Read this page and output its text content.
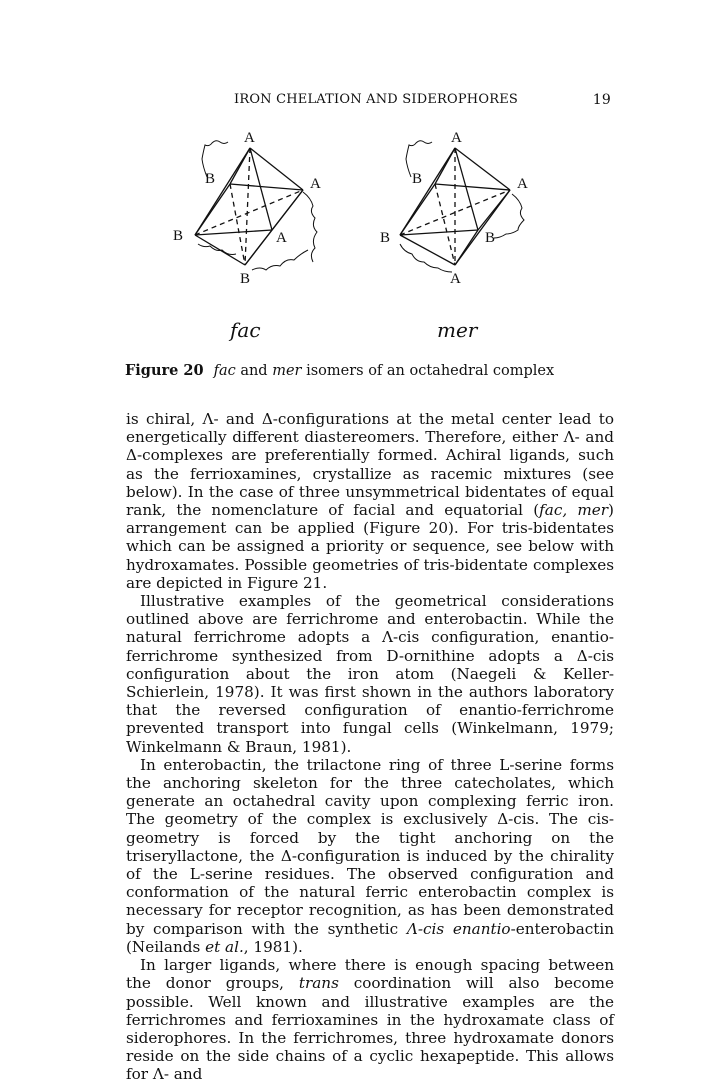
IRON CHELATION AND SIDEROPHORES	19
A
B	A
B	A
B
A
B	A
B	B
A
fac	mer
Figure 20 fac and mer isomers of an octahedral complex

is chiral, Λ- and Δ-configurations at the metal center lead to energetically different diastereomers. Therefore, either Λ- and Δ-complexes are preferentially formed. Achiral ligands, such as the ferrioxamines, crystallize as racemic mixtures (see below). In the case of three unsymmetrical bidentates of equal rank, the nomenclature of facial and equatorial (fac, mer) arrangement can be applied (Figure 20). For tris-bidentates which can be assigned a priority or sequence, see below with hydroxamates. Possible geometries of tris-bidentate complexes are depicted in Figure 21.

Illustrative examples of the geometrical considerations outlined above are ferrichrome and enterobactin. While the natural ferrichrome adopts a Λ-cis configuration, enantio-ferrichrome synthesized from D-ornithine adopts a Δ-cis configuration about the iron atom (Naegeli & Keller-Schierlein, 1978). It was first shown in the authors laboratory that the reversed configuration of enantio-ferrichrome prevented transport into fungal cells (Winkelmann, 1979; Winkelmann & Braun, 1981).

In enterobactin, the trilactone ring of three L-serine forms the anchoring skeleton for the three catecholates, which generate an octahedral cavity upon complexing ferric iron. The geometry of the complex is exclusively Δ-cis. The cis-geometry is forced by the tight anchoring on the triseryllactone, the Δ-configuration is induced by the chirality of the L-serine residues. The observed configuration and conformation of the natural ferric enterobactin complex is necessary for receptor recognition, as has been demonstrated by comparison with the synthetic Λ-cis enantio-enterobactin (Neilands et al., 1981).

In larger ligands, where there is enough spacing between the donor groups, trans coordination will also become possible. Well known and illustrative examples are the ferrichromes and ferrioxamines in the hydroxamate class of siderophores. In the ferrichromes, three hydroxamate donors reside on the side chains of a cyclic hexapeptide. This allows for Λ- and
